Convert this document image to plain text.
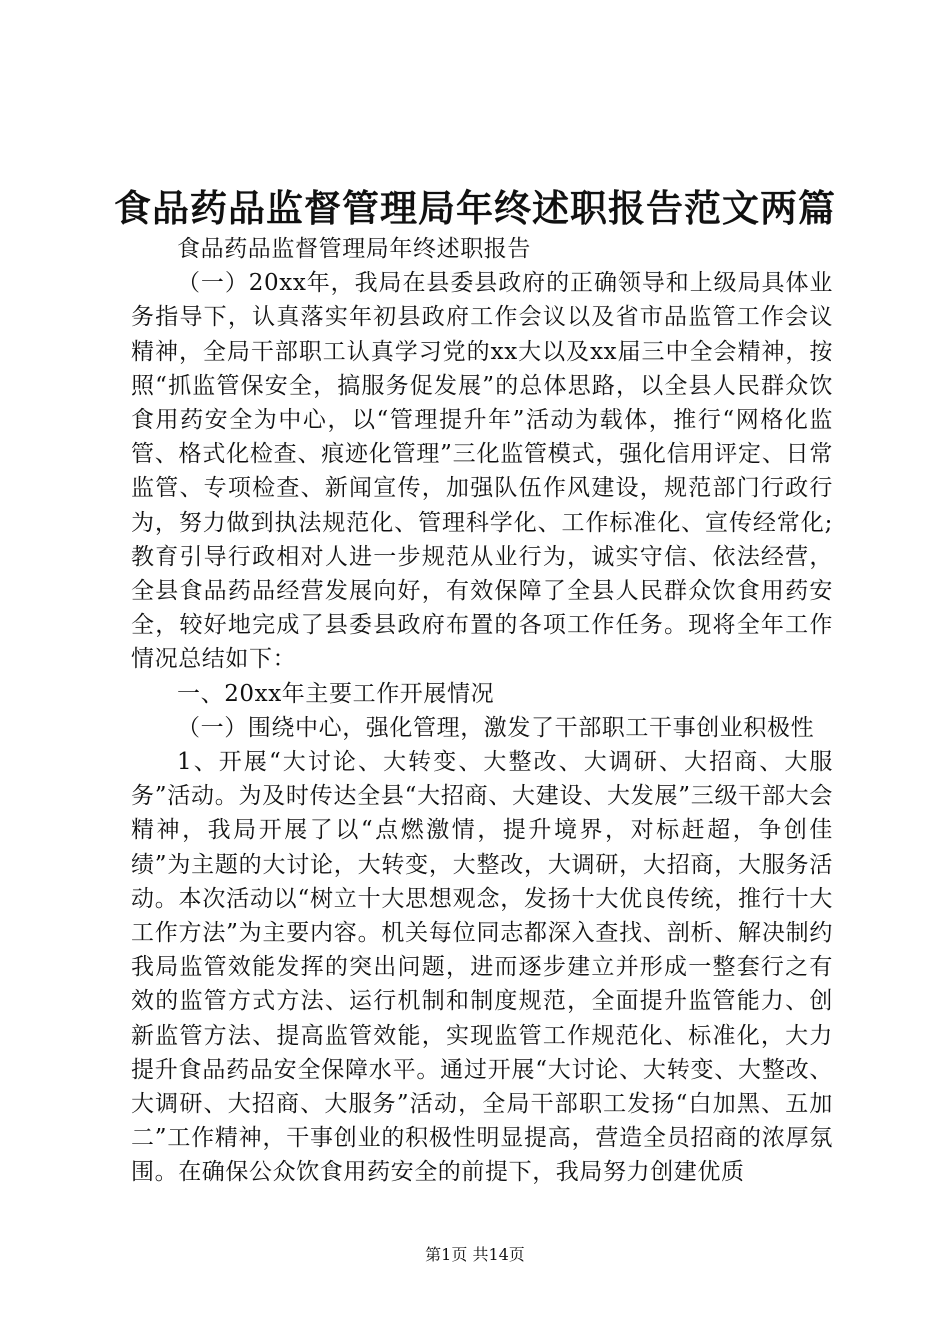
食品药品监督管理局年终述职报告范文两篇

食品药品监督管理局年终述职报告

（一）20xx年，我局在县委县政府的正确领导和上级局具体业务指导下，认真落实年初县政府工作会议以及省市品监管工作会议精神，全局干部职工认真学习党的xx大以及xx届三中全会精神，按照“抓监管保安全，搞服务促发展”的总体思路，以全县人民群众饮食用药安全为中心，以“管理提升年”活动为载体，推行“网格化监管、格式化检查、痕迹化管理”三化监管模式，强化信用评定、日常监管、专项检查、新闻宣传，加强队伍作风建设，规范部门行政行为，努力做到执法规范化、管理科学化、工作标准化、宣传经常化;教育引导行政相对人进一步规范从业行为，诚实守信、依法经营，全县食品药品经营发展向好，有效保障了全县人民群众饮食用药安全，较好地完成了县委县政府布置的各项工作任务。现将全年工作情况总结如下：

一、20xx年主要工作开展情况

（一）围绕中心，强化管理，激发了干部职工干事创业积极性

1、开展“大讨论、大转变、大整改、大调研、大招商、大服务”活动。为及时传达全县“大招商、大建设、大发展”三级干部大会精神，我局开展了以“点燃激情，提升境界，对标赶超，争创佳绩”为主题的大讨论，大转变，大整改，大调研，大招商，大服务活动。本次活动以“树立十大思想观念，发扬十大优良传统，推行十大工作方法”为主要内容。机关每位同志都深入查找、剖析、解决制约我局监管效能发挥的突出问题，进而逐步建立并形成一整套行之有效的监管方式方法、运行机制和制度规范，全面提升监管能力、创新监管方法、提高监管效能，实现监管工作规范化、标准化，大力提升食品药品安全保障水平。通过开展“大讨论、大转变、大整改、大调研、大招商、大服务”活动，全局干部职工发扬“白加黑、五加二”工作精神，干事创业的积极性明显提高，营造全员招商的浓厚氛围。在确保公众饮食用药安全的前提下，我局努力创建优质

第1页 共14页
